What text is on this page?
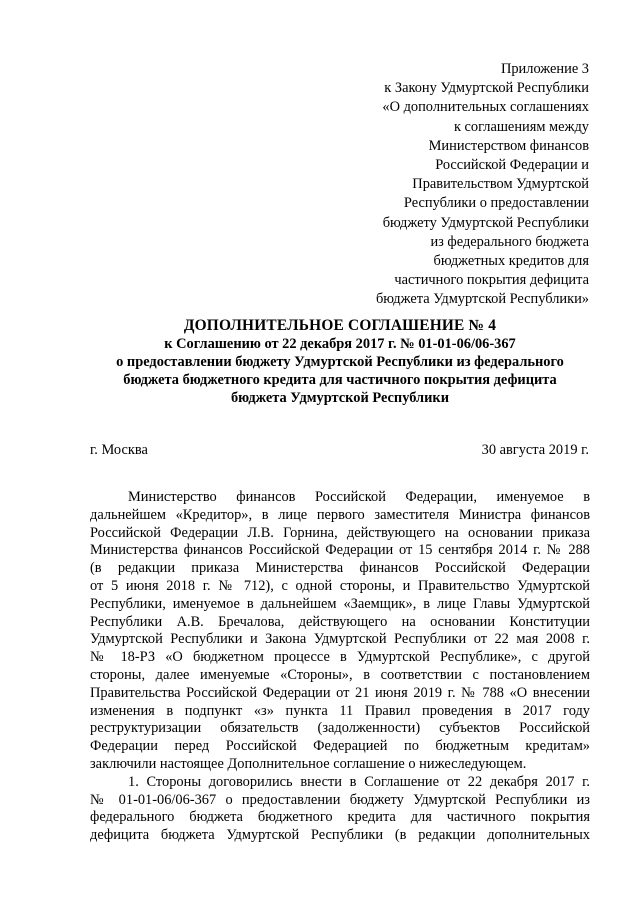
Приложение 3
к Закону Удмуртской Республики
«О дополнительных соглашениях
к соглашениям между
Министерством финансов
Российской Федерации и
Правительством Удмуртской
Республики о предоставлении
бюджету Удмуртской Республики
из федерального бюджета
бюджетных кредитов для
частичного покрытия дефицита
бюджета Удмуртской Республики»
ДОПОЛНИТЕЛЬНОЕ СОГЛАШЕНИЕ № 4
к Соглашению от 22 декабря 2017 г. № 01-01-06/06-367
о предоставлении бюджету Удмуртской Республики из федерального
бюджета бюджетного кредита для частичного покрытия дефицита
бюджета Удмуртской Республики
г. Москва	30 августа 2019 г.
Министерство финансов Российской Федерации, именуемое в
дальнейшем «Кредитор», в лице первого заместителя Министра финансов
Российской Федерации Л.В. Горнина, действующего на основании приказа
Министерства финансов Российской Федерации от 15 сентября 2014 г. № 288
(в редакции приказа Министерства финансов Российской Федерации
от 5 июня 2018 г. № 712), с одной стороны, и Правительство Удмуртской
Республики, именуемое в дальнейшем «Заемщик», в лице Главы Удмуртской
Республики А.В. Бречалова, действующего на основании Конституции
Удмуртской Республики и Закона Удмуртской Республики от 22 мая 2008 г.
№ 18-РЗ «О бюджетном процессе в Удмуртской Республике», с другой
стороны, далее именуемые «Стороны», в соответствии с постановлением
Правительства Российской Федерации от 21 июня 2019 г. № 788 «О внесении
изменения в подпункт «з» пункта 11 Правил проведения в 2017 году
реструктуризации обязательств (задолженности) субъектов Российской
Федерации перед Российской Федерацией по бюджетным кредитам»
заключили настоящее Дополнительное соглашение о нижеследующем.
1. Стороны договорились внести в Соглашение от 22 декабря 2017 г.
№ 01-01-06/06-367 о предоставлении бюджету Удмуртской Республики из
федерального бюджета бюджетного кредита для частичного покрытия
дефицита бюджета Удмуртской Республики (в редакции дополнительных
